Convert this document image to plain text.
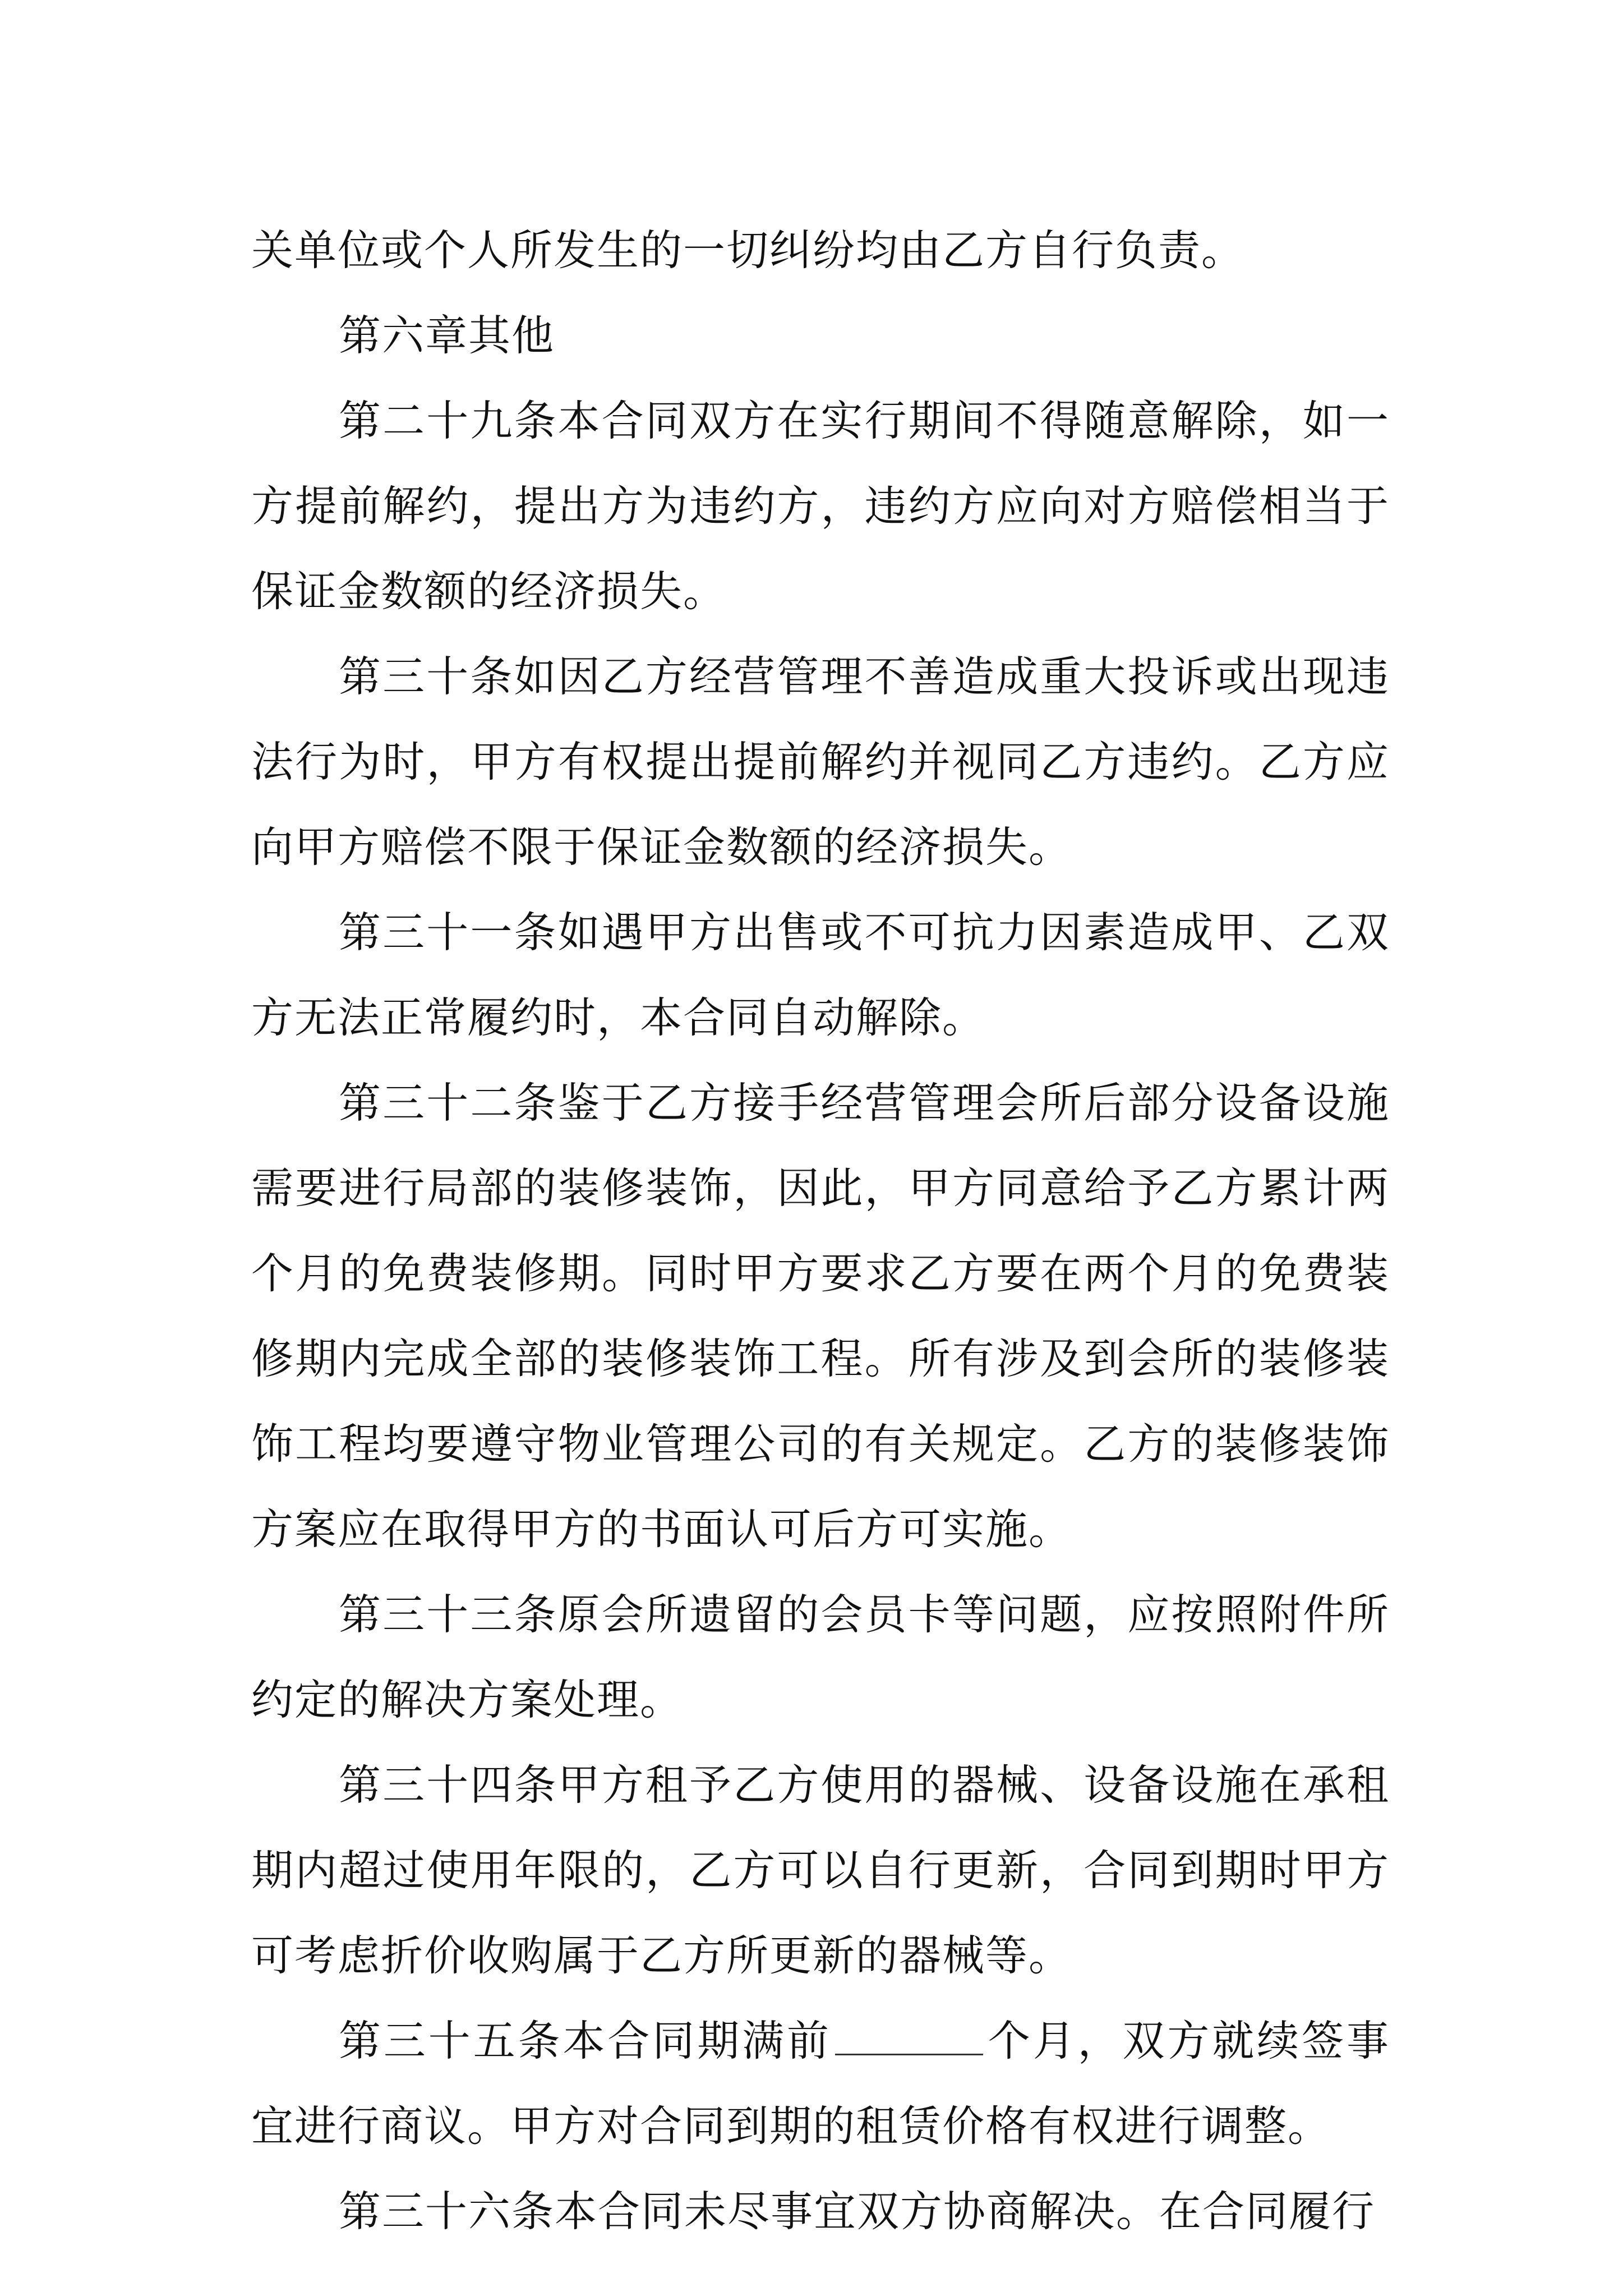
关单位或个人所发生的一切纠纷均由乙方自行负责。

第六章其他

第二十九条本合同双方在实行期间不得随意解除，如一方提前解约，提出方为违约方，违约方应向对方赔偿相当于保证金数额的经济损失。

第三十条如因乙方经营管理不善造成重大投诉或出现违法行为时，甲方有权提出提前解约并视同乙方违约。乙方应向甲方赔偿不限于保证金数额的经济损失。

第三十一条如遇甲方出售或不可抗力因素造成甲、乙双方无法正常履约时，本合同自动解除。

第三十二条鉴于乙方接手经营管理会所后部分设备设施需要进行局部的装修装饰，因此，甲方同意给予乙方累计两个月的免费装修期。同时甲方要求乙方要在两个月的免费装修期内完成全部的装修装饰工程。所有涉及到会所的装修装饰工程均要遵守物业管理公司的有关规定。乙方的装修装饰方案应在取得甲方的书面认可后方可实施。

第三十三条原会所遗留的会员卡等问题，应按照附件所约定的解决方案处理。

第三十四条甲方租予乙方使用的器械、设备设施在承租期内超过使用年限的，乙方可以自行更新，合同到期时甲方可考虑折价收购属于乙方所更新的器械等。

第三十五条本合同期满前	个月，双方就续签事宜进行商议。甲方对合同到期的租赁价格有权进行调整。

第三十六条本合同未尽事宜双方协商解决。在合同履行
